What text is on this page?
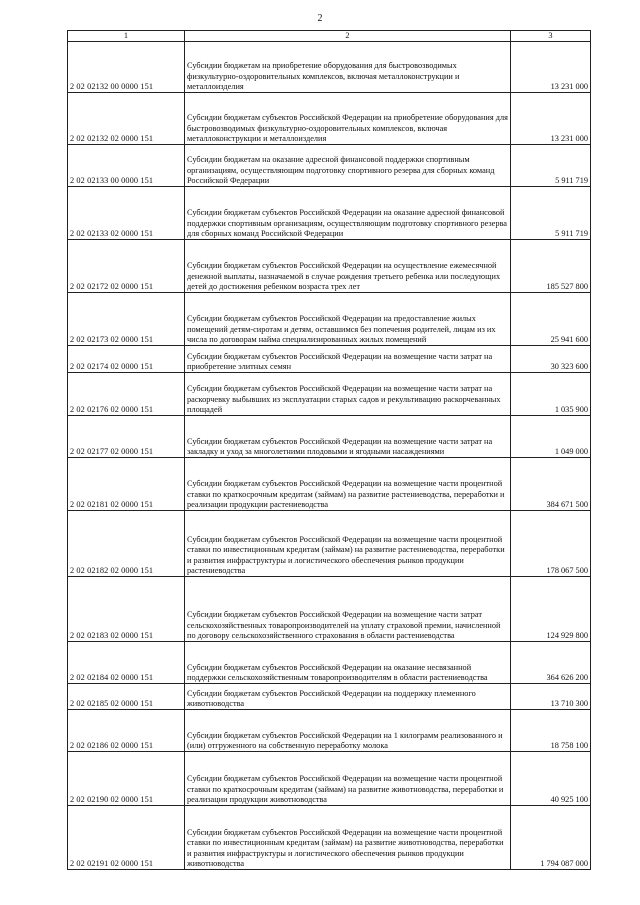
2
1	2	3
2 02 02132 00 0000 151	Субсидии бюджетам на приобретение оборудования для быстровозводимых физкультурно-оздоровительных комплексов, включая металлоконструкции и металлоизделия	13 231 000
2 02 02132 02 0000 151	Субсидии бюджетам субъектов Российской Федерации на приобретение оборудования для быстровозводимых физкультурно-оздоровительных комплексов, включая металлоконструкции и металлоизделия	13 231 000
2 02 02133 00 0000 151	Субсидии бюджетам на оказание адресной финансовой поддержки спортивным организациям, осуществляющим подготовку спортивного резерва для сборных команд Российской Федерации	5 911 719
2 02 02133 02 0000 151	Субсидии бюджетам субъектов Российской Федерации на оказание адресной финансовой поддержки спортивным организациям, осуществляющим подготовку спортивного резерва для сборных команд Российской Федерации	5 911 719
2 02 02172 02 0000 151	Субсидии бюджетам субъектов Российской Федерации на осуществление ежемесячной денежной выплаты, назначаемой в случае рождения третьего ребенка или последующих детей до достижения ребенком возраста трех лет	185 527 800
2 02 02173 02 0000 151	Субсидии бюджетам субъектов Российской Федерации на предоставление жилых помещений детям-сиротам и детям, оставшимся без попечения родителей, лицам из их числа по договорам найма специализированных жилых помещений	25 941 600
2 02 02174 02 0000 151	Субсидии бюджетам субъектов Российской Федерации на возмещение части затрат на приобретение элитных семян	30 323 600
2 02 02176 02 0000 151	Субсидии бюджетам субъектов Российской Федерации на возмещение части затрат на раскорчевку выбывших из эксплуатации старых садов и рекультивацию раскорчеванных площадей	1 035 900
2 02 02177 02 0000 151	Субсидии бюджетам субъектов Российской Федерации на возмещение части затрат на закладку и уход за многолетними плодовыми и ягодными насаждениями	1 049 000
2 02 02181 02 0000 151	Субсидии бюджетам субъектов Российской Федерации на возмещение части процентной ставки по краткосрочным кредитам (займам) на развитие растениеводства, переработки и реализации продукции растениеводства	384 671 500
2 02 02182 02 0000 151	Субсидии бюджетам субъектов Российской Федерации на возмещение части процентной ставки по инвестиционным кредитам (займам) на развитие растениеводства, переработки и развития инфраструктуры и логистического обеспечения рынков продукции растениеводства	178 067 500
2 02 02183 02 0000 151	Субсидии бюджетам субъектов Российской Федерации на возмещение части затрат сельскохозяйственных товаропроизводителей на уплату страховой премии, начисленной по договору сельскохозяйственного страхования в области растениеводства	124 929 800
2 02 02184 02 0000 151	Субсидии бюджетам субъектов Российской Федерации на оказание несвязанной поддержки сельскохозяйственным товаропроизводителям в области растениеводства	364 626 200
2 02 02185 02 0000 151	Субсидии бюджетам субъектов Российской Федерации на поддержку племенного животноводства	13 710 300
2 02 02186 02 0000 151	Субсидии бюджетам субъектов Российской Федерации на 1 килограмм реализованного и (или) отгруженного на собственную переработку молока	18 758 100
2 02 02190 02 0000 151	Субсидии бюджетам субъектов Российской Федерации на возмещение части процентной ставки по краткосрочным кредитам (займам) на развитие животноводства, переработки и реализации продукции животноводства	40 925 100
2 02 02191 02 0000 151	Субсидии бюджетам субъектов Российской Федерации на возмещение части процентной ставки по инвестиционным кредитам (займам) на развитие животноводства, переработки и развития инфраструктуры и логистического обеспечения рынков продукции животноводства	1 794 087 000
